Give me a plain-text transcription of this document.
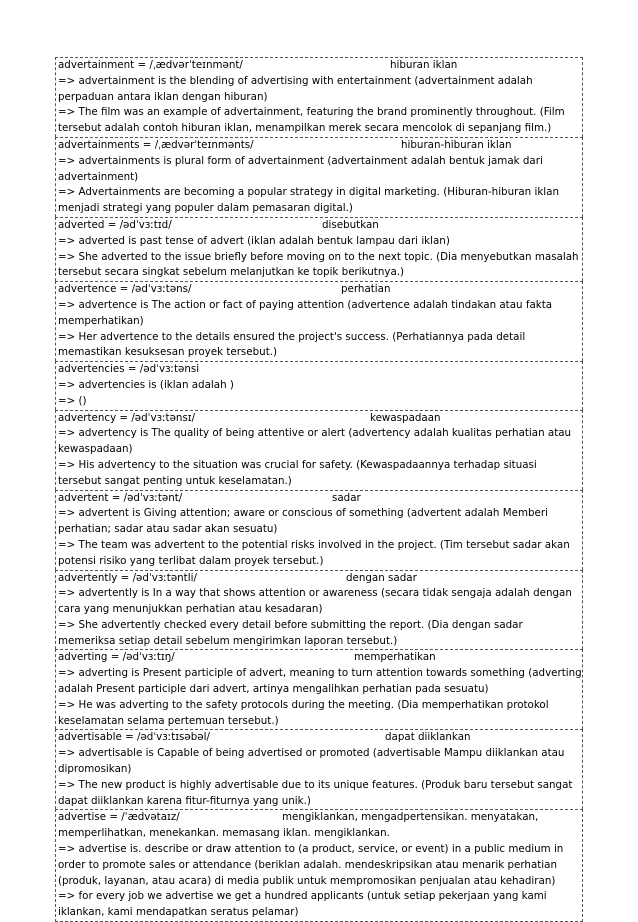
advertainment = /ˌædvərˈteɪnmənt/	hiburan iklan
=> advertainment is the blending of advertising with entertainment (advertainment adalah perpaduan antara iklan dengan hiburan)
=> The film was an example of advertainment, featuring the brand prominently throughout. (Film tersebut adalah contoh hiburan iklan, menampilkan merek secara mencolok di sepanjang film.)
advertainments = /ˌædvərˈteɪnmənts/	hiburan-hiburan iklan
=> advertainments is plural form of advertainment (advertainment adalah bentuk jamak dari advertainment)
=> Advertainments are becoming a popular strategy in digital marketing. (Hiburan-hiburan iklan menjadi strategi yang populer dalam pemasaran digital.)
adverted = /ədˈvɜːtɪd/	disebutkan
=> adverted is past tense of advert (iklan adalah bentuk lampau dari iklan)
=> She adverted to the issue briefly before moving on to the next topic. (Dia menyebutkan masalah tersebut secara singkat sebelum melanjutkan ke topik berikutnya.)
advertence = /ədˈvɜːtəns/	perhatian
=> advertence is The action or fact of paying attention (advertence adalah tindakan atau fakta memperhatikan)
=> Her advertence to the details ensured the project's success. (Perhatiannya pada detail memastikan kesuksesan proyek tersebut.)
advertencies = /ədˈvɜːtənsi
=> advertencies is (iklan adalah )
=> ()
advertency = /ədˈvɜːtənsɪ/	kewaspadaan
=> advertency is The quality of being attentive or alert (advertency adalah kualitas perhatian atau kewaspadaan)
=> His advertency to the situation was crucial for safety. (Kewaspadaannya terhadap situasi tersebut sangat penting untuk keselamatan.)
advertent = /ədˈvɜːtənt/	sadar
=> advertent is Giving attention; aware or conscious of something (advertent adalah Memberi perhatian; sadar atau sadar akan sesuatu)
=> The team was advertent to the potential risks involved in the project. (Tim tersebut sadar akan potensi risiko yang terlibat dalam proyek tersebut.)
advertently = /ədˈvɜːtəntli/	dengan sadar
=> advertently is In a way that shows attention or awareness (secara tidak sengaja adalah dengan cara yang menunjukkan perhatian atau kesadaran)
=> She advertently checked every detail before submitting the report. (Dia dengan sadar memeriksa setiap detail sebelum mengirimkan laporan tersebut.)
adverting = /ədˈvɜːtɪŋ/	memperhatikan
=> adverting is Present participle of advert, meaning to turn attention towards something (adverting adalah Present participle dari advert, artinya mengalihkan perhatian pada sesuatu)
=> He was adverting to the safety protocols during the meeting. (Dia memperhatikan protokol keselamatan selama pertemuan tersebut.)
advertisable = /ədˈvɜːtɪsəbəl/	dapat diiklankan
=> advertisable is Capable of being advertised or promoted (advertisable Mampu diiklankan atau dipromosikan)
=> The new product is highly advertisable due to its unique features. (Produk baru tersebut sangat dapat diiklankan karena fitur-fiturnya yang unik.)
advertise = /ˈædvətaɪz/	mengiklankan, mengadpertensikan. menyatakan, memperlihatkan, menekankan. memasang iklan. mengiklankan.
=> advertise is. describe or draw attention to (a product, service, or event) in a public medium in order to promote sales or attendance (beriklan adalah. mendeskripsikan atau menarik perhatian (produk, layanan, atau acara) di media publik untuk mempromosikan penjualan atau kehadiran)
=> for every job we advertise we get a hundred applicants (untuk setiap pekerjaan yang kami iklankan, kami mendapatkan seratus pelamar)
